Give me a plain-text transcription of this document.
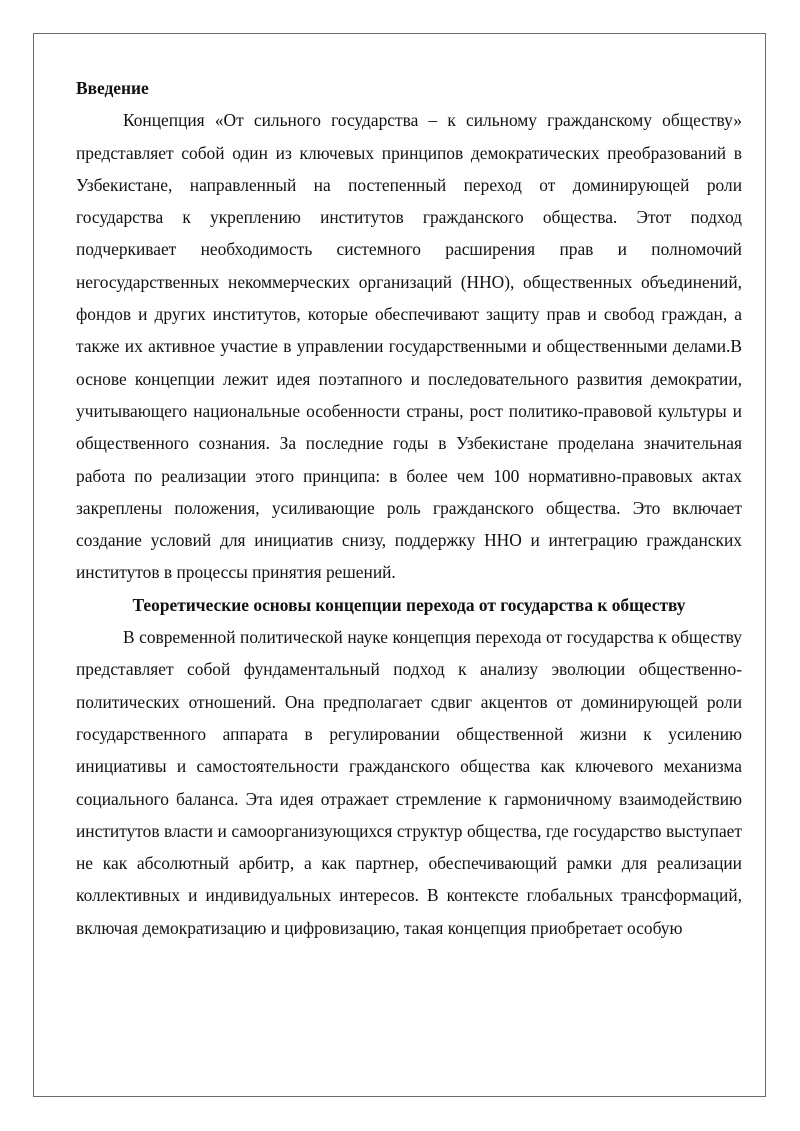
Введение

Концепция «От сильного государства – к сильному гражданскому обществу» представляет собой один из ключевых принципов демократических преобразований в Узбекистане, направленный на постепенный переход от доминирующей роли государства к укреплению институтов гражданского общества. Этот подход подчеркивает необходимость системного расширения прав и полномочий негосударственных некоммерческих организаций (ННО), общественных объединений, фондов и других институтов, которые обеспечивают защиту прав и свобод граждан, а также их активное участие в управлении государственными и общественными делами.В основе концепции лежит идея поэтапного и последовательного развития демократии, учитывающего национальные особенности страны, рост политико-правовой культуры и общественного сознания. За последние годы в Узбекистане проделана значительная работа по реализации этого принципа: в более чем 100 нормативно-правовых актах закреплены положения, усиливающие роль гражданского общества. Это включает создание условий для инициатив снизу, поддержку ННО и интеграцию гражданских институтов в процессы принятия решений.

Теоретические основы концепции перехода от государства к обществу

В современной политической науке концепция перехода от государства к обществу представляет собой фундаментальный подход к анализу эволюции общественно-политических отношений. Она предполагает сдвиг акцентов от доминирующей роли государственного аппарата в регулировании общественной жизни к усилению инициативы и самостоятельности гражданского общества как ключевого механизма социального баланса. Эта идея отражает стремление к гармоничному взаимодействию институтов власти и самоорганизующихся структур общества, где государство выступает не как абсолютный арбитр, а как партнер, обеспечивающий рамки для реализации коллективных и индивидуальных интересов. В контексте глобальных трансформаций, включая демократизацию и цифровизацию, такая концепция приобретает особую
